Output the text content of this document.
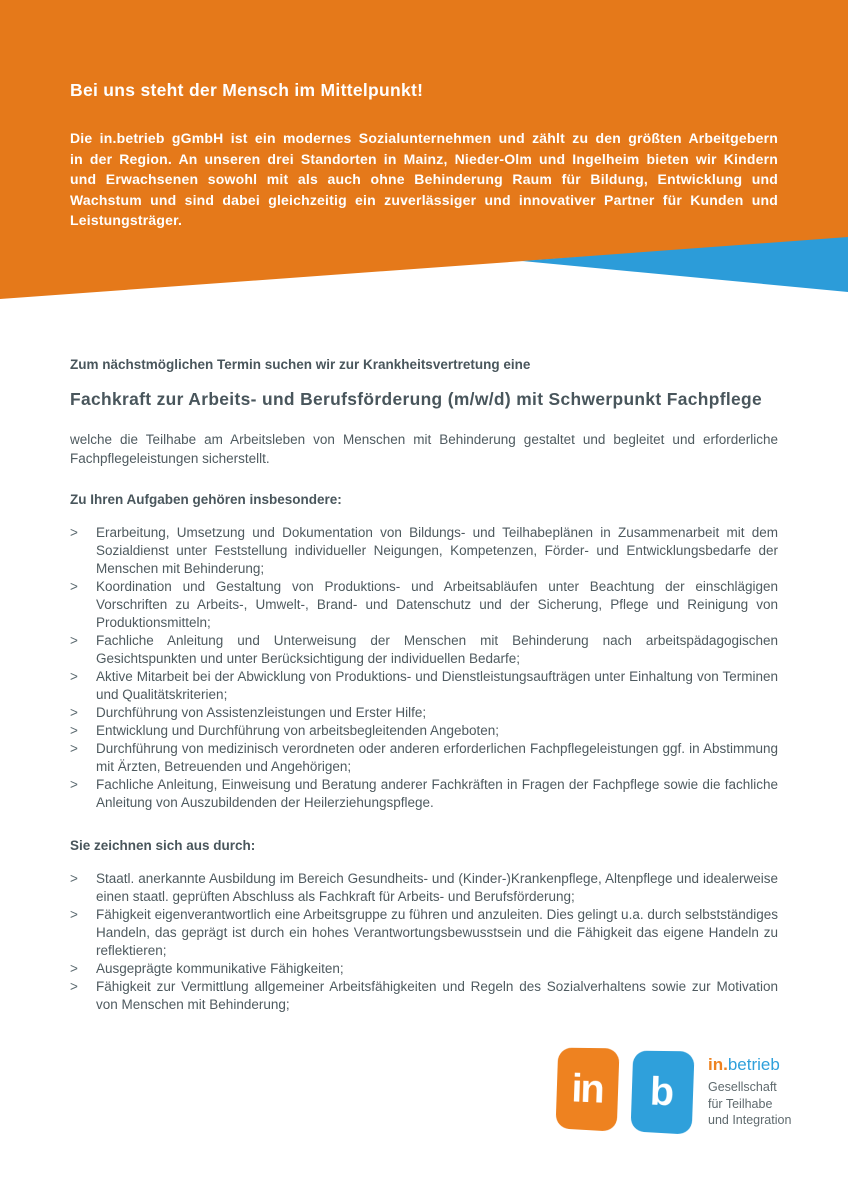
Bei uns steht der Mensch im Mittelpunkt!

Die in.betrieb gGmbH ist ein modernes Sozialunternehmen und zählt zu den größten Arbeitgebern in der Region. An unseren drei Standorten in Mainz, Nieder-Olm und Ingelheim bieten wir Kindern und Erwachsenen sowohl mit als auch ohne Behinderung Raum für Bildung, Entwicklung und Wachstum und sind dabei gleichzeitig ein zuverlässiger und innovativer Partner für Kunden und Leistungsträger.

Zum nächstmöglichen Termin suchen wir zur Krankheitsvertretung eine

Fachkraft zur Arbeits- und Berufsförderung (m/w/d) mit Schwerpunkt Fachpflege

welche die Teilhabe am Arbeitsleben von Menschen mit Behinderung gestaltet und begleitet und erforderliche Fachpflegeleistungen sicherstellt.

Zu Ihren Aufgaben gehören insbesondere:
>	Erarbeitung, Umsetzung und Dokumentation von Bildungs- und Teilhabeplänen in Zusammenarbeit mit dem Sozialdienst unter Feststellung individueller Neigungen, Kompetenzen, Förder- und Entwicklungsbedarfe der Menschen mit Behinderung;
>	Koordination und Gestaltung von Produktions- und Arbeitsabläufen unter Beachtung der einschlägigen Vorschriften zu Arbeits-, Umwelt-, Brand- und Datenschutz und der Sicherung, Pflege und Reinigung von Produktionsmitteln;
>	Fachliche Anleitung und Unterweisung der Menschen mit Behinderung nach arbeitspädagogischen Gesichtspunkten und unter Berücksichtigung der individuellen Bedarfe;
>	Aktive Mitarbeit bei der Abwicklung von Produktions- und Dienstleistungsaufträgen unter Einhaltung von Terminen und Qualitätskriterien;
>	Durchführung von Assistenzleistungen und Erster Hilfe;
>	Entwicklung und Durchführung von arbeitsbegleitenden Angeboten;
>	Durchführung von medizinisch verordneten oder anderen erforderlichen Fachpflegeleistungen ggf. in Abstimmung mit Ärzten, Betreuenden und Angehörigen;
>	Fachliche Anleitung, Einweisung und Beratung anderer Fachkräften in Fragen der Fachpflege sowie die fachliche Anleitung von Auszubildenden der Heilerziehungspflege.
Sie zeichnen sich aus durch:
>	Staatl. anerkannte Ausbildung im Bereich Gesundheits- und (Kinder-)Krankenpflege, Altenpflege und idealerweise einen staatl. geprüften Abschluss als Fachkraft für Arbeits- und Berufsförderung;
>	Fähigkeit eigenverantwortlich eine Arbeitsgruppe zu führen und anzuleiten. Dies gelingt u.a. durch selbstständiges Handeln, das geprägt ist durch ein hohes Verantwortungsbewusstsein und die Fähigkeit das eigene Handeln zu reflektieren;
>	Ausgeprägte kommunikative Fähigkeiten;
>	Fähigkeit zur Vermittlung allgemeiner Arbeitsfähigkeiten und Regeln des Sozialverhaltens sowie zur Motivation von Menschen mit Behinderung;
in b
in.betrieb
Gesellschaft
für Teilhabe
und Integration
